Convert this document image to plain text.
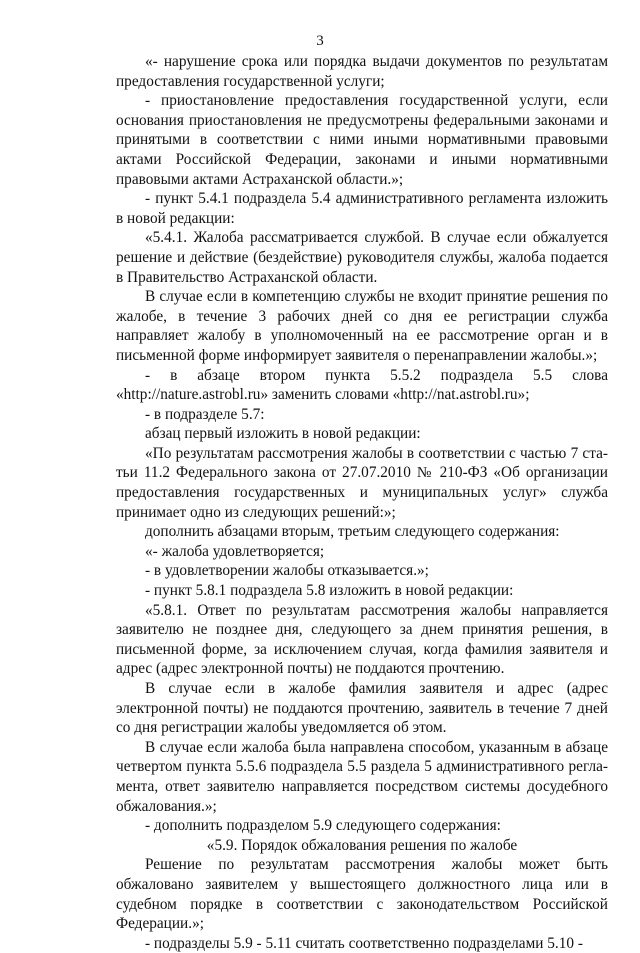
3

«- нарушение срока или порядка выдачи документов по результатам предоставления государственной услуги;

- приостановление предоставления государственной услуги, если основания приостановления не предусмотрены федеральными законами и принятыми в соответствии с ними иными нормативными правовыми актами Российской Федерации, законами и иными нормативными правовыми актами Астраханской области.»;

- пункт 5.4.1 подраздела 5.4 административного регламента изложить в новой редакции:

«5.4.1. Жалоба рассматривается службой. В случае если обжалуется решение и действие (бездействие) руководителя службы, жалоба подается в Правительство Астраханской области.

В случае если в компетенцию службы не входит принятие решения по жалобе, в течение 3 рабочих дней со дня ее регистрации служба направляет жалобу в уполномоченный на ее рассмотрение орган и в письменной форме информирует заявителя о перенаправлении жалобы.»;

- в абзаце втором пункта 5.5.2 подраздела 5.5 слова «http://nature.astrobl.ru» заменить словами «http://nat.astrobl.ru»;

- в подразделе 5.7:

абзац первый изложить в новой редакции:

«По результатам рассмотрения жалобы в соответствии с частью 7 статьи 11.2 Федерального закона от 27.07.2010 № 210-ФЗ «Об организации предоставления государственных и муниципальных услуг» служба принимает одно из следующих решений:»;

дополнить абзацами вторым, третьим следующего содержания:

«- жалоба удовлетворяется;

- в удовлетворении жалобы отказывается.»;

- пункт 5.8.1 подраздела 5.8 изложить в новой редакции:

«5.8.1. Ответ по результатам рассмотрения жалобы направляется заявителю не позднее дня, следующего за днем принятия решения, в письменной форме, за исключением случая, когда фамилия заявителя и адрес (адрес электронной почты) не поддаются прочтению.

В случае если в жалобе фамилия заявителя и адрес (адрес электронной почты) не поддаются прочтению, заявитель в течение 7 дней со дня регистрации жалобы уведомляется об этом.

В случае если жалоба была направлена способом, указанным в абзаце четвертом пункта 5.5.6 подраздела 5.5 раздела 5 административного регламента, ответ заявителю направляется посредством системы досудебного обжалования.»;

- дополнить подразделом 5.9 следующего содержания:

«5.9. Порядок обжалования решения по жалобе

Решение по результатам рассмотрения жалобы может быть обжаловано заявителем у вышестоящего должностного лица или в судебном порядке в соответствии с законодательством Российской Федерации.»;

- подразделы 5.9 - 5.11 считать соответственно подразделами 5.10 -
